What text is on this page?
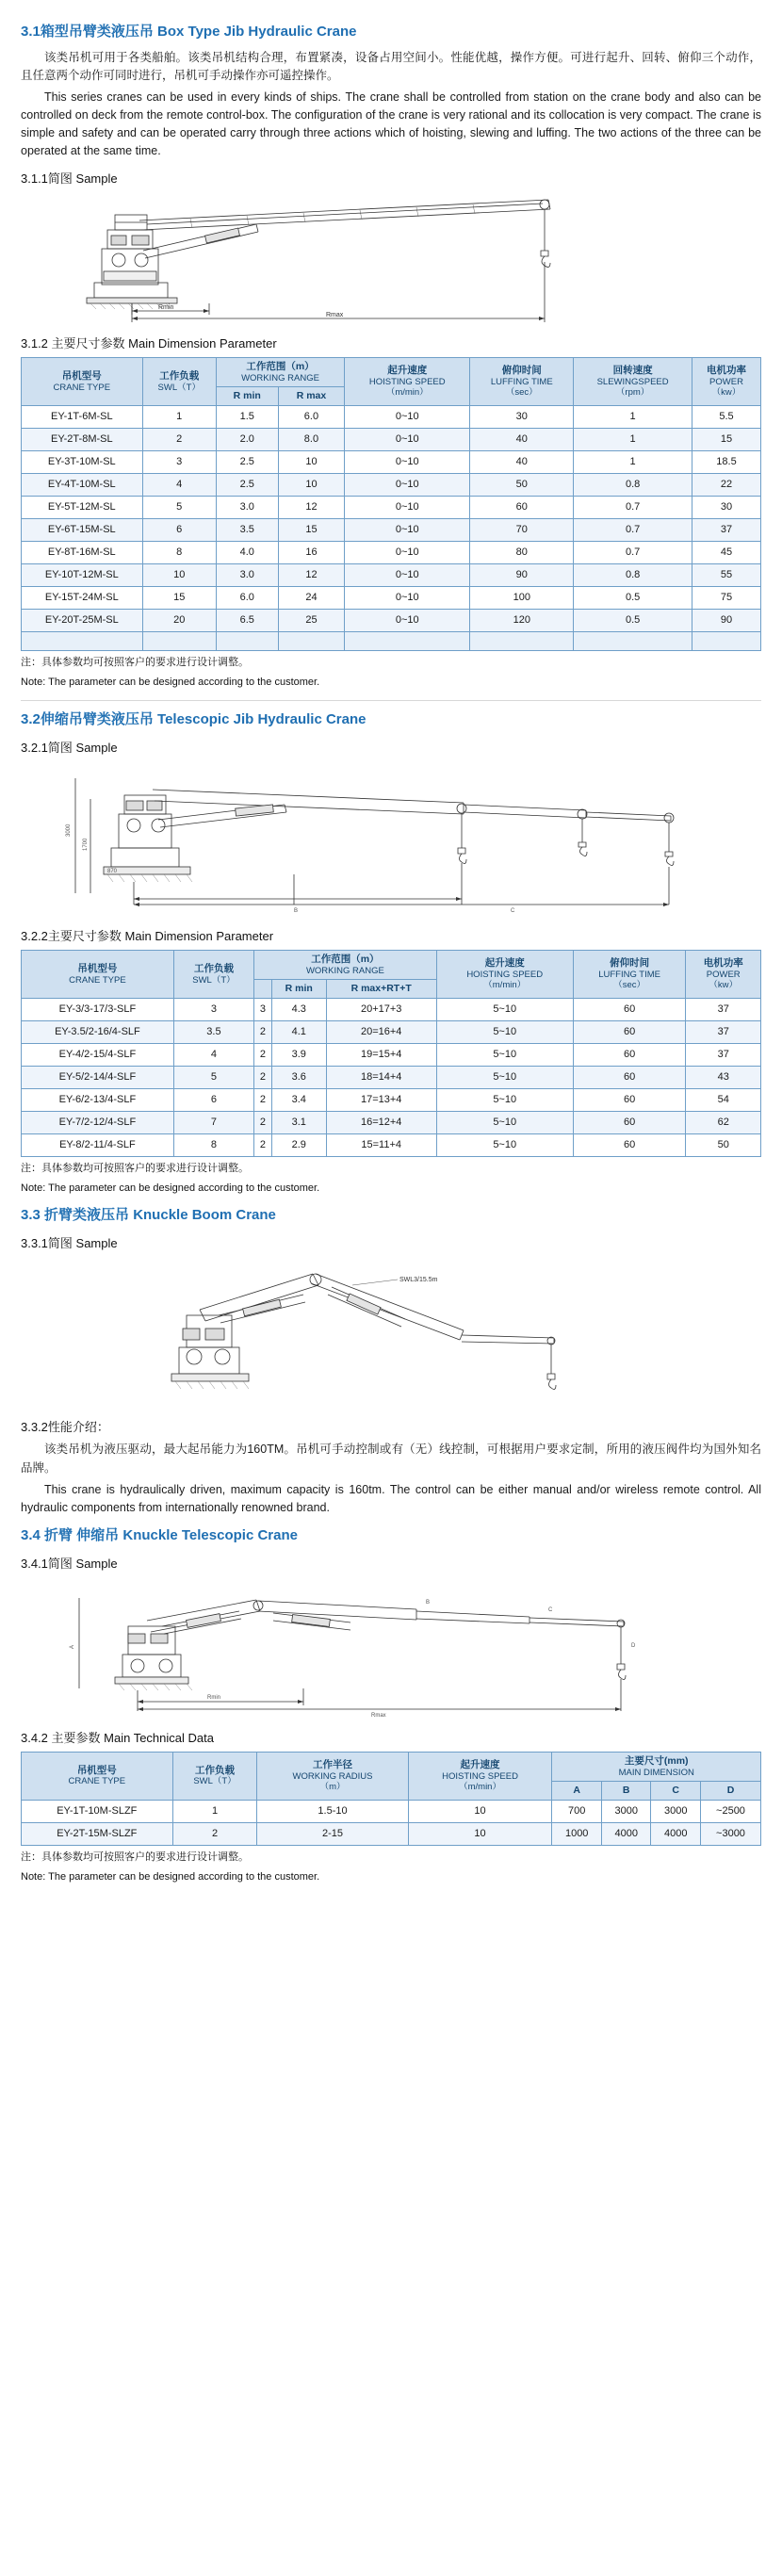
3.1箱型吊臂类液压吊 Box Type Jib Hydraulic Crane

该类吊机可用于各类船舶。该类吊机结构合理，布置紧凑，设备占用空间小。性能优越，操作方便。可进行起升、回转、俯仰三个动作，且任意两个动作可同时进行，吊机可手动操作亦可遥控操作。

This series cranes can be used in every kinds of ships. The crane shall be controlled from station on the crane body and also can be controlled on deck from the remote control-box. The configuration of the crane is very rational and its collocation is very compact. The crane is simple and safety and can be operated carry through three actions which of hoisting, slewing and luffing. The two actions of the three can be operated at the same time.

3.1.1简图 Sample
Rmin
Rmax
3.1.2 主要尺寸参数 Main Dimension Parameter
吊机型号
CRANE TYPE	工作负载
SWL（T）	工作范围（m）
WORKING RANGE		起升速度
HOISTING SPEED
（m/min）	俯仰时间
LUFFING TIME
（sec）	回转速度
SLEWINGSPEED
（rpm）	电机功率
POWER
（kw）

		R min	R max				
EY-1T-6M-SL	1	1.5	6.0	0~10	30	1	5.5
EY-2T-8M-SL	2	2.0	8.0	0~10	40	1	15
EY-3T-10M-SL	3	2.5	10	0~10	40	1	18.5
EY-4T-10M-SL	4	2.5	10	0~10	50	0.8	22
EY-5T-12M-SL	5	3.0	12	0~10	60	0.7	30
EY-6T-15M-SL	6	3.5	15	0~10	70	0.7	37
EY-8T-16M-SL	8	4.0	16	0~10	80	0.7	45
EY-10T-12M-SL	10	3.0	12	0~10	90	0.8	55
EY-15T-24M-SL	15	6.0	24	0~10	100	0.5	75
EY-20T-25M-SL	20	6.5	25	0~10	120	0.5	90

注：具体参数均可按照客户的要求进行设计调整。

Note: The parameter can be designed according to the customer.

3.2伸缩吊臂类液压吊 Telescopic Jib Hydraulic Crane
3.2.1简图 Sample
3000
1700
870
B	C
3.2.2主要尺寸参数 Main Dimension Parameter
吊机型号
CRANE TYPE	工作负载
SWL（T）	工作范围（m）
WORKING RANGE			起升速度
HOISTING SPEED
（m/min）	俯仰时间
LUFFING TIME
（sec）	电机功率
POWER
（kw）

			R min	R max+RT+T			
EY-3/3-17/3-SLF	3	3	4.3	20+17+3	5~10	60	37
EY-3.5/2-16/4-SLF	3.5	2	4.1	20=16+4	5~10	60	37
EY-4/2-15/4-SLF	4	2	3.9	19=15+4	5~10	60	37
EY-5/2-14/4-SLF	5	2	3.6	18=14+4	5~10	60	43
EY-6/2-13/4-SLF	6	2	3.4	17=13+4	5~10	60	54
EY-7/2-12/4-SLF	7	2	3.1	16=12+4	5~10	60	62
EY-8/2-11/4-SLF	8	2	2.9	15=11+4	5~10	60	50

注：具体参数均可按照客户的要求进行设计调整。

Note: The parameter can be designed according to the customer.

3.3 折臂类液压吊 Knuckle Boom Crane
3.3.1简图 Sample
SWL3/15.5m
3.3.2性能介绍：

该类吊机为液压驱动，最大起吊能力为160TM。吊机可手动控制或有（无）线控制，可根据用户要求定制，所用的液压阀件均为国外知名品牌。

This crane is hydraulically driven, maximum capacity is 160tm. The control can be either manual and/or wireless remote control. All hydraulic components from internationally renowned brand.

3.4 折臂 伸缩吊 Knuckle Telescopic Crane
3.4.1简图 Sample
A
Rmin
Rmax
B
C
D
3.4.2 主要参数 Main Technical Data
吊机型号
CRANE TYPE	工作负载
SWL（T）	工作半径
WORKING RADIUS
（m）	起升速度
HOISTING SPEED
（m/min）	主要尺寸(mm)
MAIN DIMENSION			

				A	B	C	D
EY-1T-10M-SLZF	1	1.5-10	10	700	3000	3000	~2500
EY-2T-15M-SLZF	2	2-15	10	1000	4000	4000	~3000

注：具体参数均可按照客户的要求进行设计调整。

Note: The parameter can be designed according to the customer.
